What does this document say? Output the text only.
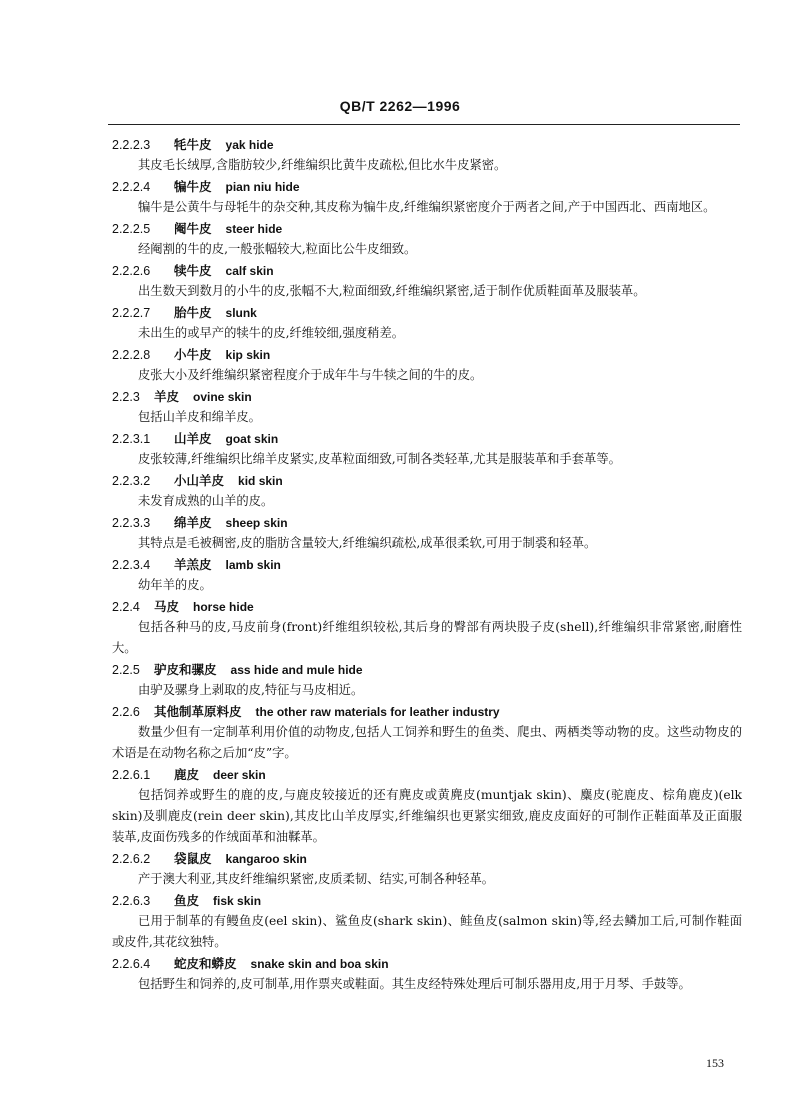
QB/T 2262—1996
2.2.2.3 牦牛皮 yak hide
其皮毛长绒厚,含脂肪较少,纤维编织比黄牛皮疏松,但比水牛皮紧密。
2.2.2.4 犏牛皮 pian niu hide
犏牛是公黄牛与母牦牛的杂交种,其皮称为犏牛皮,纤维编织紧密度介于两者之间,产于中国西北、西南地区。
2.2.2.5 阉牛皮 steer hide
经阉割的牛的皮,一般张幅较大,粒面比公牛皮细致。
2.2.2.6 犊牛皮 calf skin
出生数天到数月的小牛的皮,张幅不大,粒面细致,纤维编织紧密,适于制作优质鞋面革及服装革。
2.2.2.7 胎牛皮 slunk
未出生的或早产的犊牛的皮,纤维较细,强度稍差。
2.2.2.8 小牛皮 kip skin
皮张大小及纤维编织紧密程度介于成年牛与牛犊之间的牛的皮。
2.2.3 羊皮 ovine skin
包括山羊皮和绵羊皮。
2.2.3.1 山羊皮 goat skin
皮张较薄,纤维编织比绵羊皮紧实,皮革粒面细致,可制各类轻革,尤其是服装革和手套革等。
2.2.3.2 小山羊皮 kid skin
未发育成熟的山羊的皮。
2.2.3.3 绵羊皮 sheep skin
其特点是毛被稠密,皮的脂肪含量较大,纤维编织疏松,成革很柔软,可用于制裘和轻革。
2.2.3.4 羊羔皮 lamb skin
幼年羊的皮。
2.2.4 马皮 horse hide
包括各种马的皮,马皮前身(front)纤维组织较松,其后身的臀部有两块股子皮(shell),纤维编织非常紧密,耐磨性大。
2.2.5 驴皮和骡皮 ass hide and mule hide
由驴及骡身上剥取的皮,特征与马皮相近。
2.2.6 其他制革原料皮 the other raw materials for leather industry
数量少但有一定制革利用价值的动物皮,包括人工饲养和野生的鱼类、爬虫、两栖类等动物的皮。这些动物皮的术语是在动物名称之后加“皮”字。
2.2.6.1 鹿皮 deer skin
包括饲养或野生的鹿的皮,与鹿皮较接近的还有麂皮或黄麂皮(muntjak skin)、麋皮(驼鹿皮、棕角鹿皮)(elk skin)及驯鹿皮(rein deer skin),其皮比山羊皮厚实,纤维编织也更紧实细致,鹿皮皮面好的可制作正鞋面革及正面服装革,皮面伤残多的作绒面革和油鞣革。
2.2.6.2 袋鼠皮 kangaroo skin
产于澳大利亚,其皮纤维编织紧密,皮质柔韧、结实,可制各种轻革。
2.2.6.3 鱼皮 fisk skin
已用于制革的有鳗鱼皮(eel skin)、鲨鱼皮(shark skin)、鲑鱼皮(salmon skin)等,经去鳞加工后,可制作鞋面或皮件,其花纹独特。
2.2.6.4 蛇皮和蟒皮 snake skin and boa skin
包括野生和饲养的,皮可制革,用作票夹或鞋面。其生皮经特殊处理后可制乐器用皮,用于月琴、手鼓等。
153
